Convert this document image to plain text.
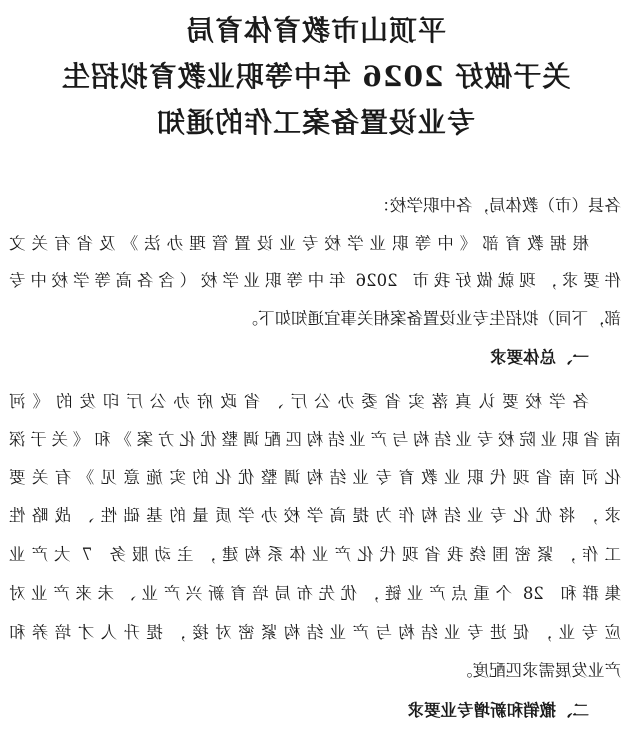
平顶山市教育体育局
关于做好 2026 年中等职业教育拟招生
专业设置备案工作的通知
各县（市）教体局，各中职学校：
根据教育部《中等职业学校专业设置管理办法》及省有关文
件要求，现就做好我市 2026 年中等职业学校（含各高等学校中专
部，下同）拟招生专业设置备案相关事宜通知如下。
一、总体要求
各学校要认真落实省委办公厅、省政府办公厅印发的《河
南省职业院校专业结构与产业结构匹配调整优化方案》和《关于深
化河南省现代职业教育专业结构调整优化的实施意见》有关要
求，将优化专业结构作为提高学校办学质量的基础性、战略性
工作，紧密围绕我省现代化产业体系构建，主动服务 7 大产业
集群和 28 个重点产业链，优先布局培育新兴产业、未来产业对
应专业，促进专业结构与产业结构紧密对接，提升人才培养和
产业发展需求匹配度。
二、撤销和新增专业要求
